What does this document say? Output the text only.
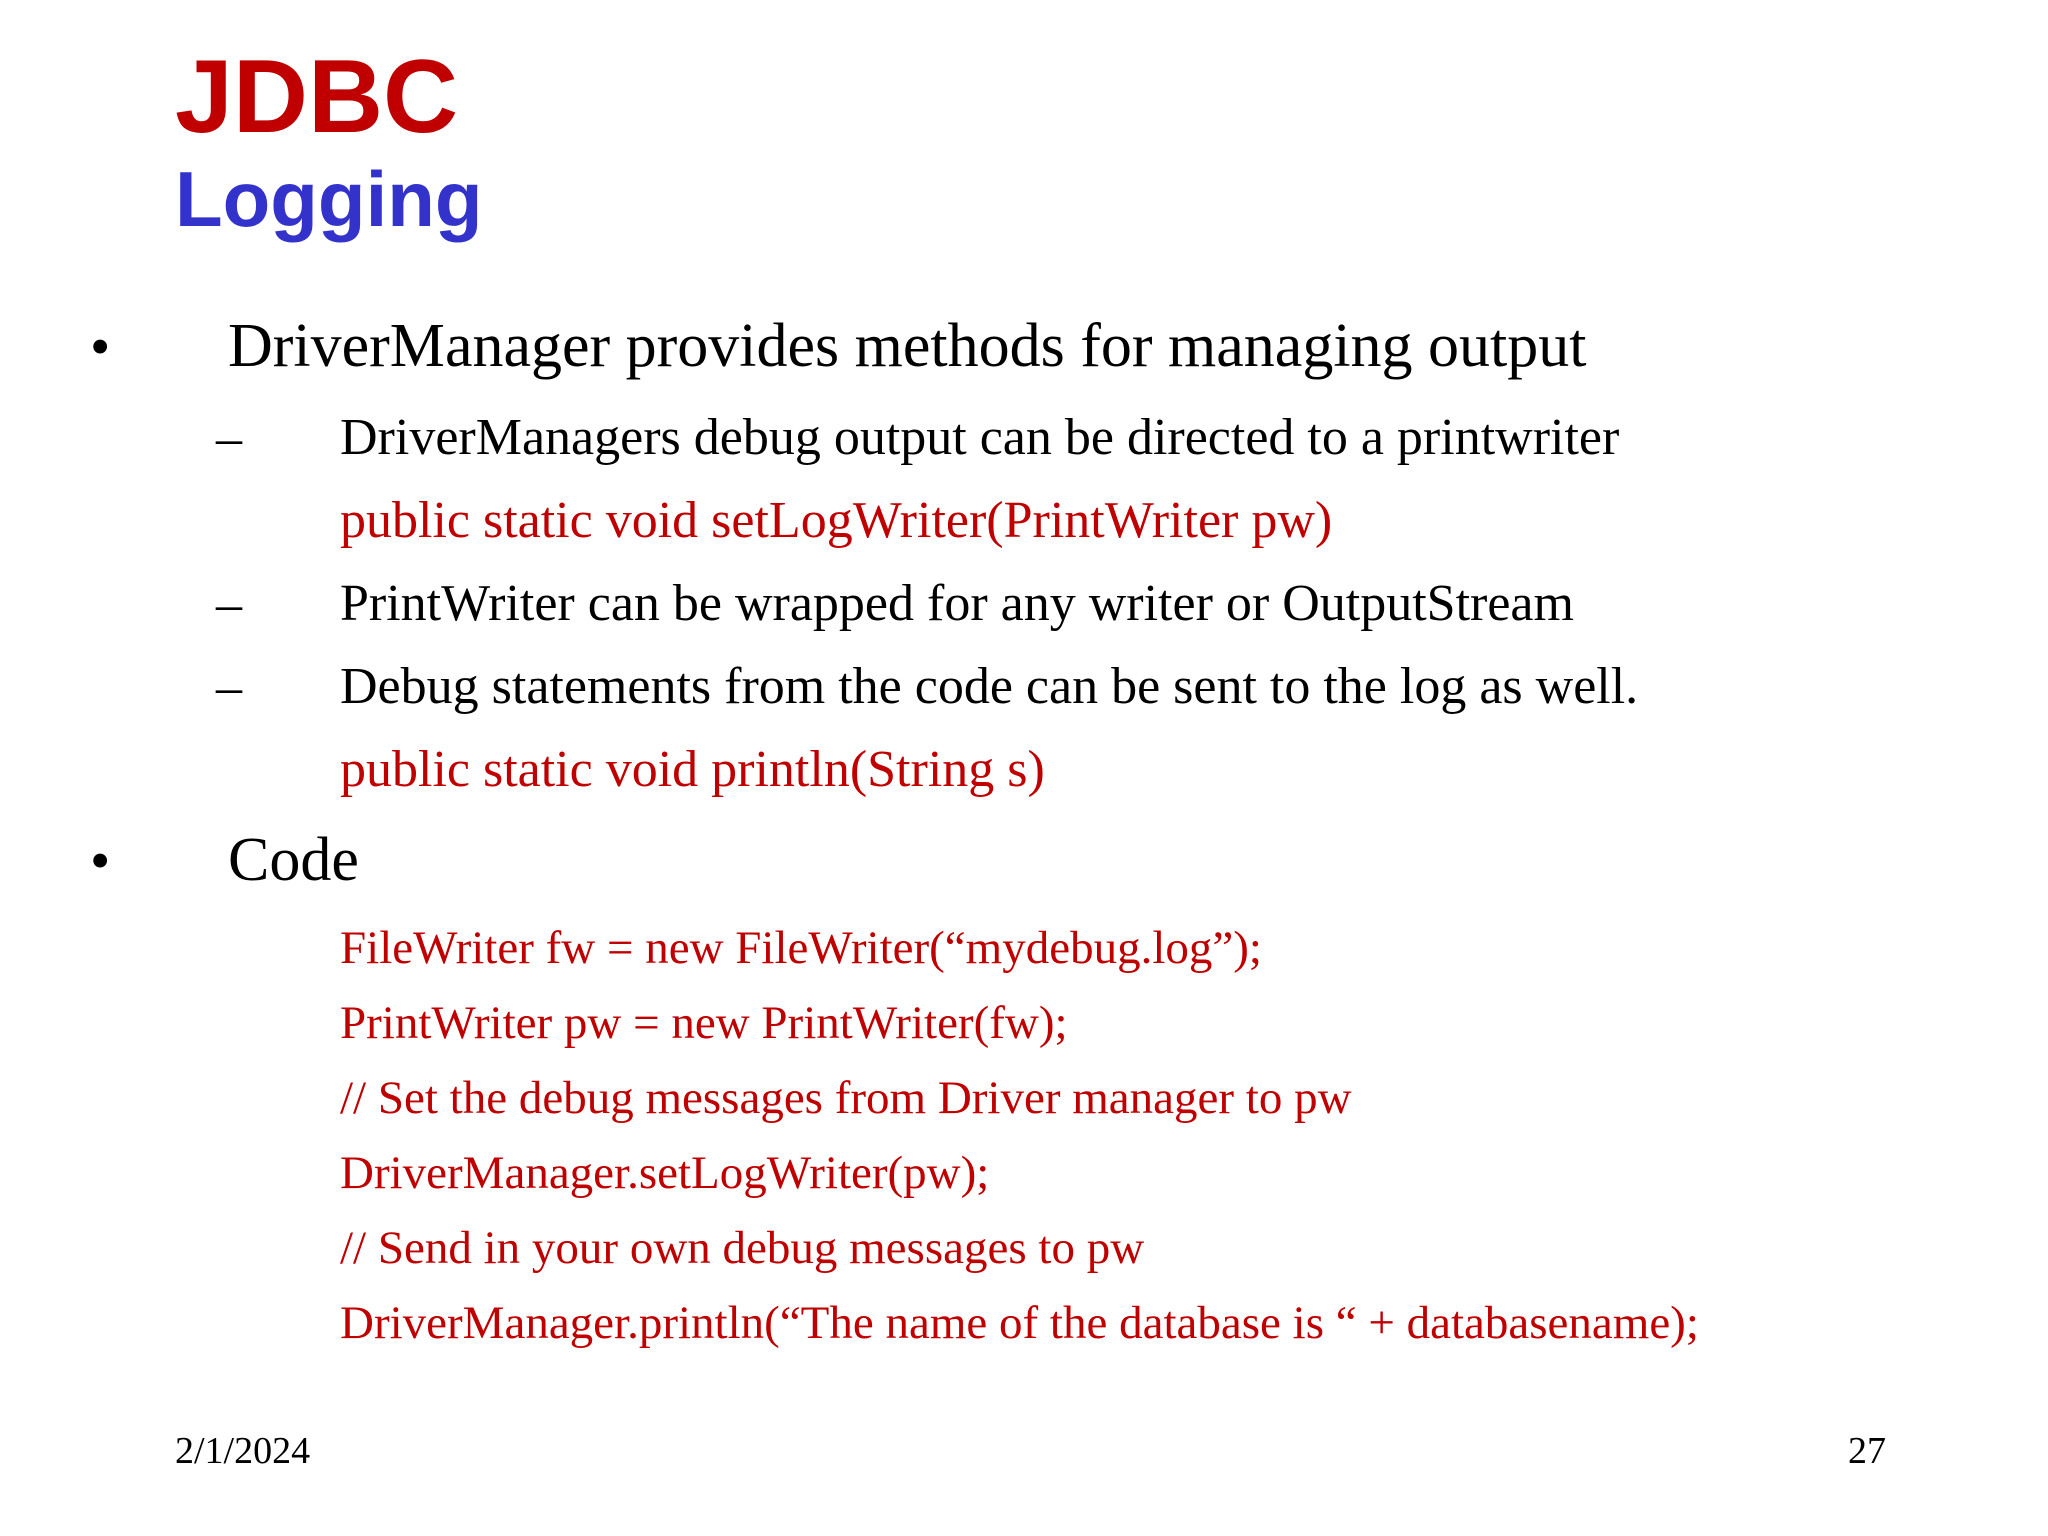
JDBC
Logging
• DriverManager provides methods for managing output
– DriverManagers debug output can be directed to a printwriter
public static void setLogWriter(PrintWriter pw)
– PrintWriter can be wrapped for any writer or OutputStream
– Debug statements from the code can be sent to the log as well.
public static void println(String s)
• Code
FileWriter fw = new FileWriter(“mydebug.log”);
PrintWriter pw = new PrintWriter(fw);
// Set the debug messages from Driver manager to pw
DriverManager.setLogWriter(pw);
// Send in your own debug messages to pw
DriverManager.println(“The name of the database is “ + databasename);
2/1/2024	27
